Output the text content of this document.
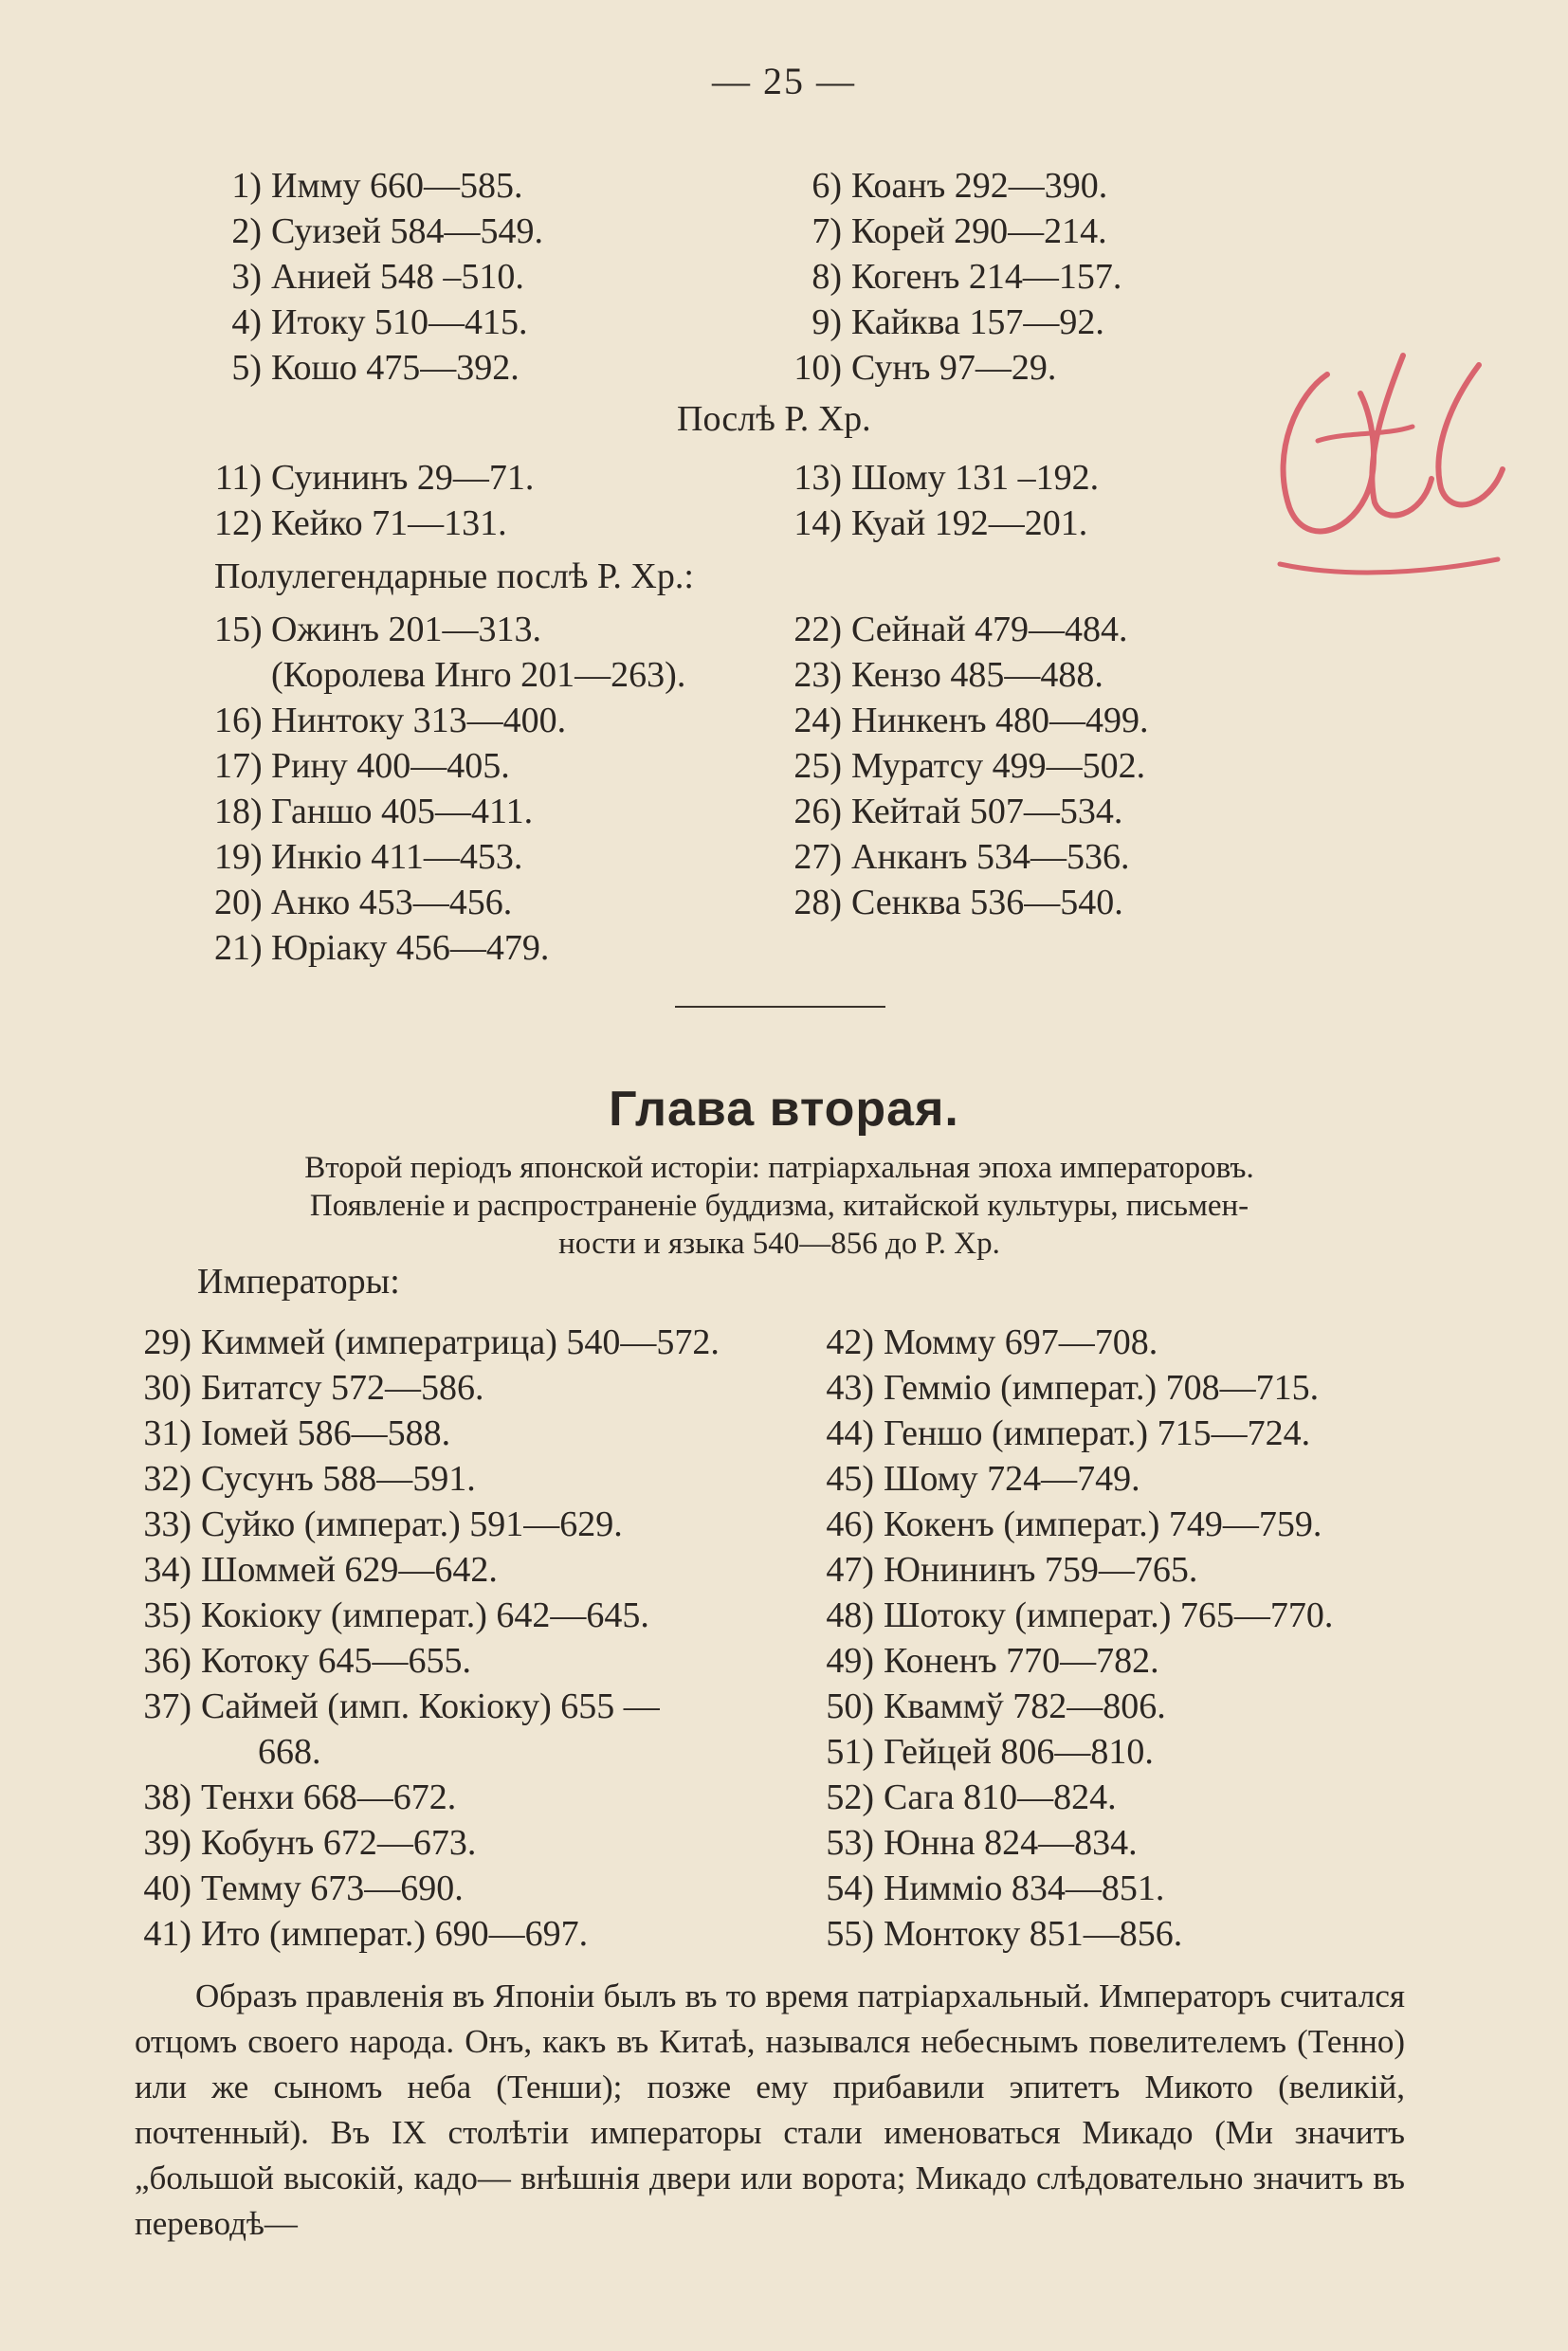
— 25 —
1) Имму 660—585.
2) Суизей 584—549.
3) Анией 548 –510.
4) Итоку 510—415.
5) Кошо 475—392.
6) Коанъ 292—390.
7) Корей 290—214.
8) Когенъ 214—157.
9) Кайква 157—92.
10) Сунъ 97—29.
Послѣ Р. Хр.
11) Суининъ 29—71.
12) Кейко 71—131.
13) Шому 131 –192.
14) Куай 192—201.
Полулегендарные послѣ Р. Хр.:
15) Ожинъ 201—313.
(Королева Инго 201—263).
16) Нинтоку 313—400.
17) Рину 400—405.
18) Ганшо 405—411.
19) Инкіо 411—453.
20) Анко 453—456.
21) Юріаку 456—479.
22) Сейнай 479—484.
23) Кензо 485—488.
24) Нинкенъ 480—499.
25) Муратсу 499—502.
26) Кейтай 507—534.
27) Анканъ 534—536.
28) Сенква 536—540.
Глава вторая.
Второй періодъ японской исторіи: патріархальная эпоха императоровъ.
Появленіе и распространеніе буддизма, китайской культуры, письмен-
ности и языка 540—856 до Р. Хр.
Императоры:
29) Киммей (императрица) 540—572.
30) Битатсу 572—586.
31) Іомей 586—588.
32) Сусунъ 588—591.
33) Суйко (императ.) 591—629.
34) Шоммей 629—642.
35) Кокіоку (императ.) 642—645.
36) Котоку 645—655.
37) Саймей (имп. Кокіоку) 655 —
668.
38) Тенхи 668—672.
39) Кобунъ 672—673.
40) Темму 673—690.
41) Ито (императ.) 690—697.
42) Момму 697—708.
43) Гемміо (императ.) 708—715.
44) Геншо (императ.) 715—724.
45) Шому 724—749.
46) Кокенъ (императ.) 749—759.
47) Юнининъ 759—765.
48) Шотоку (императ.) 765—770.
49) Коненъ 770—782.
50) Кваммў 782—806.
51) Гейцей 806—810.
52) Сага 810—824.
53) Юнна 824—834.
54) Нимміо 834—851.
55) Монтоку 851—856.
Образъ правленія въ Японіи былъ въ то время патріархальный. Императоръ считался отцомъ своего народа. Онъ, какъ въ Китаѣ, назывался небеснымъ повелителемъ (Тенно) или же сыномъ неба (Тенши); позже ему прибавили эпитетъ Микото (великій, почтенный). Въ IX столѣтіи императоры стали именоваться Микадо (Ми значитъ „большой высокій, кадо— внѣшнія двери или ворота; Микадо слѣдовательно значитъ въ переводѣ—
